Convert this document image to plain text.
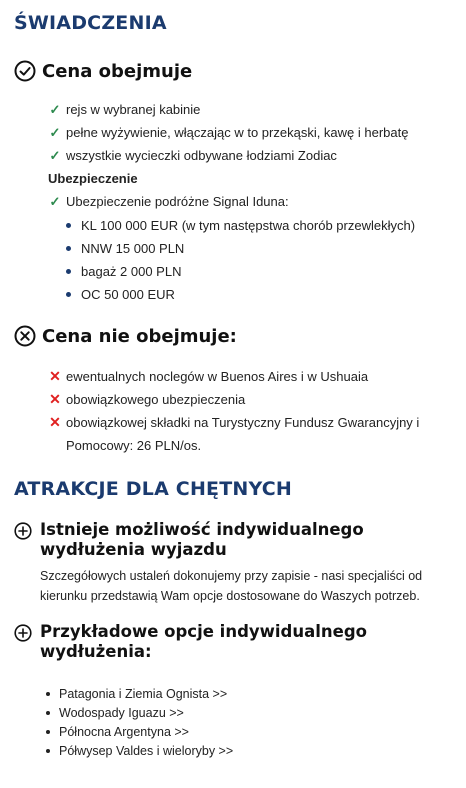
ŚWIADCZENIA
Cena obejmuje
✓ rejs w wybranej kabinie
✓ pełne wyżywienie, włączając w to przekąski, kawę i herbatę
✓ wszystkie wycieczki odbywane łodziami Zodiac
Ubezpieczenie
✓ Ubezpieczenie podróżne Signal Iduna:
KL 100 000 EUR (w tym następstwa chorób przewlekłych)
NNW 15 000 PLN
bagaż 2 000 PLN
OC 50 000 EUR
Cena nie obejmuje:
✕ ewentualnych noclegów w Buenos Aires i w Ushuaia
✕ obowiązkowego ubezpieczenia
✕ obowiązkowej składki na Turystyczny Fundusz Gwarancyjny i
Pomocowy: 26 PLN/os.
ATRAKCJE DLA CHĘTNYCH
Istnieje możliwość indywidualnego
wydłużenia wyjazdu
Szczegółowych ustaleń dokonujemy przy zapisie - nasi specjaliści od
kierunku przedstawią Wam opcje dostosowane do Waszych potrzeb.
Przykładowe opcje indywidualnego
wydłużenia:
Patagonia i Ziemia Ognista >>
Wodospady Iguazu >>
Północna Argentyna >>
Półwysep Valdes i wieloryby >>
